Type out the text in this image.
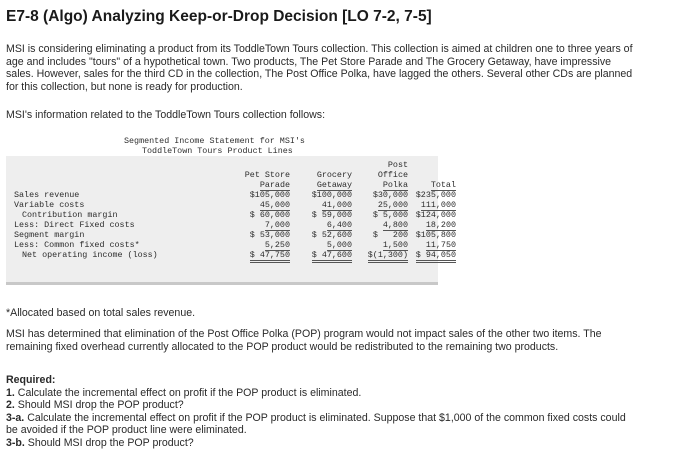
E7-8 (Algo) Analyzing Keep-or-Drop Decision [LO 7-2, 7-5]
MSI is considering eliminating a product from its ToddleTown Tours collection. This collection is aimed at children one to three years of
age and includes "tours" of a hypothetical town. Two products, The Pet Store Parade and The Grocery Getaway, have impressive
sales. However, sales for the third CD in the collection, The Post Office Polka, have lagged the others. Several other CDs are planned
for this collection, but none is ready for production.
MSI's information related to the ToddleTown Tours collection follows:
Segmented Income Statement for MSI's
ToddleTown Tours Product Lines
			Post	
	Pet Store	Grocery	Office	
	Parade	Getaway	Polka	Total
Sales revenue	$105,000	$100,000	$30,000	$235,000
Variable costs	45,000	41,000	25,000	111,000
Contribution margin	$ 60,000	$ 59,000	$ 5,000	$124,000
Less: Direct Fixed costs	7,000	6,400	4,800	18,200
Segment margin	$ 53,000	$ 52,600	$   200	$105,800
Less: Common fixed costs*	5,250	5,000	1,500	11,750
Net operating income (loss)	$ 47,750	$ 47,600	$(1,300)	$ 94,050
*Allocated based on total sales revenue.
MSI has determined that elimination of the Post Office Polka (POP) program would not impact sales of the other two items. The
remaining fixed overhead currently allocated to the POP product would be redistributed to the remaining two products.
Required:
1. Calculate the incremental effect on profit if the POP product is eliminated.
2. Should MSI drop the POP product?
3-a. Calculate the incremental effect on profit if the POP product is eliminated. Suppose that $1,000 of the common fixed costs could
be avoided if the POP product line were eliminated.
3-b. Should MSI drop the POP product?
